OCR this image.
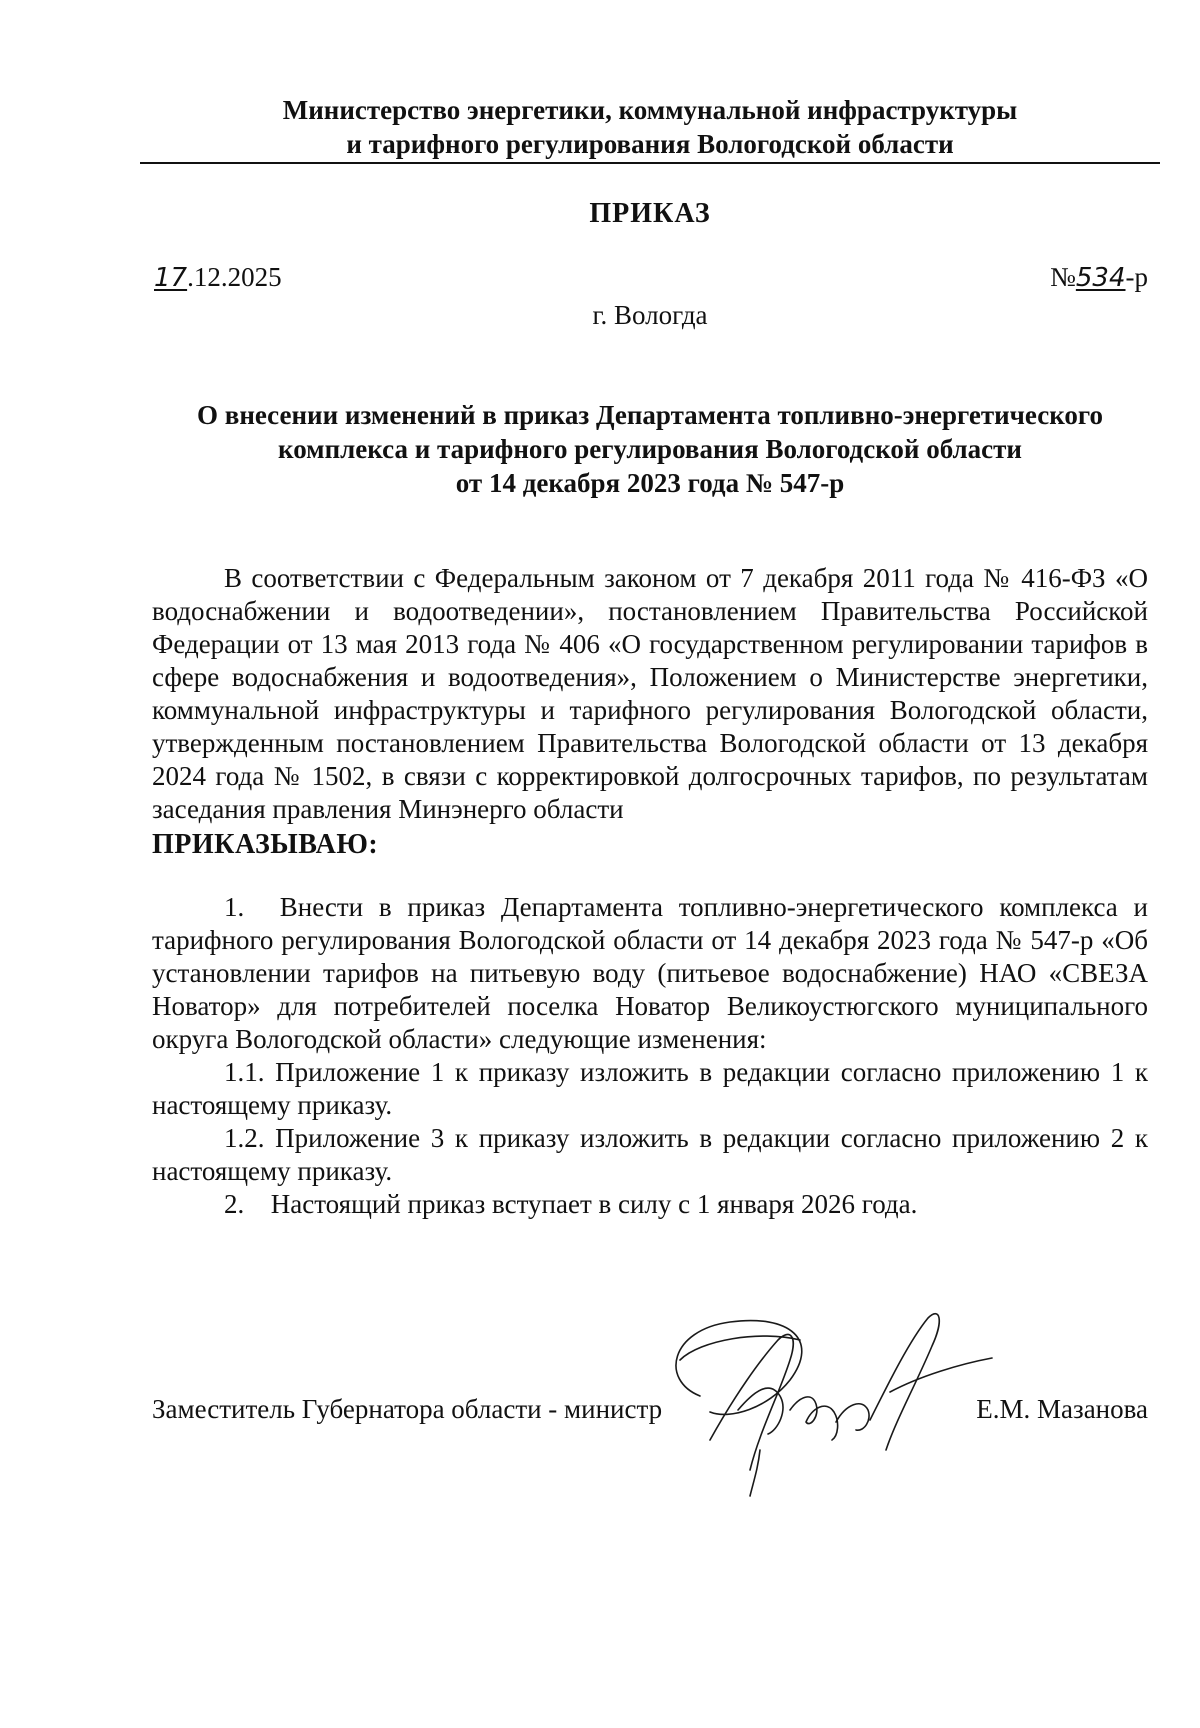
Министерство энергетики, коммунальной инфраструктуры
и тарифного регулирования Вологодской области
ПРИКАЗ
17.12.2025	№534-р
г. Вологда
О внесении изменений в приказ Департамента топливно-энергетического
комплекса и тарифного регулирования Вологодской области
от 14 декабря 2023 года № 547-р

В соответствии с Федеральным законом от 7 декабря 2011 года № 416-ФЗ «О водоснабжении и водоотведении», постановлением Правительства Российской Федерации от 13 мая 2013 года № 406 «О государственном регулировании тарифов в сфере водоснабжения и водоотведения», Положением о Министерстве энергетики, коммунальной инфраструктуры и тарифного регулирования Вологодской области, утвержденным постановлением Правительства Вологодской области от 13 декабря 2024 года № 1502, в связи с корректировкой долгосрочных тарифов, по результатам заседания правления Минэнерго области

ПРИКАЗЫВАЮ:

1. Внести в приказ Департамента топливно-энергетического комплекса и тарифного регулирования Вологодской области от 14 декабря 2023 года № 547-р «Об установлении тарифов на питьевую воду (питьевое водоснабжение) НАО «СВЕЗА Новатор» для потребителей поселка Новатор Великоустюгского муниципального округа Вологодской области» следующие изменения:

1.1. Приложение 1 к приказу изложить в редакции согласно приложению 1 к настоящему приказу.

1.2. Приложение 3 к приказу изложить в редакции согласно приложению 2 к настоящему приказу.

2. Настоящий приказ вступает в силу с 1 января 2026 года.

Заместитель Губернатора области - министр	Е.М. Мазанова
